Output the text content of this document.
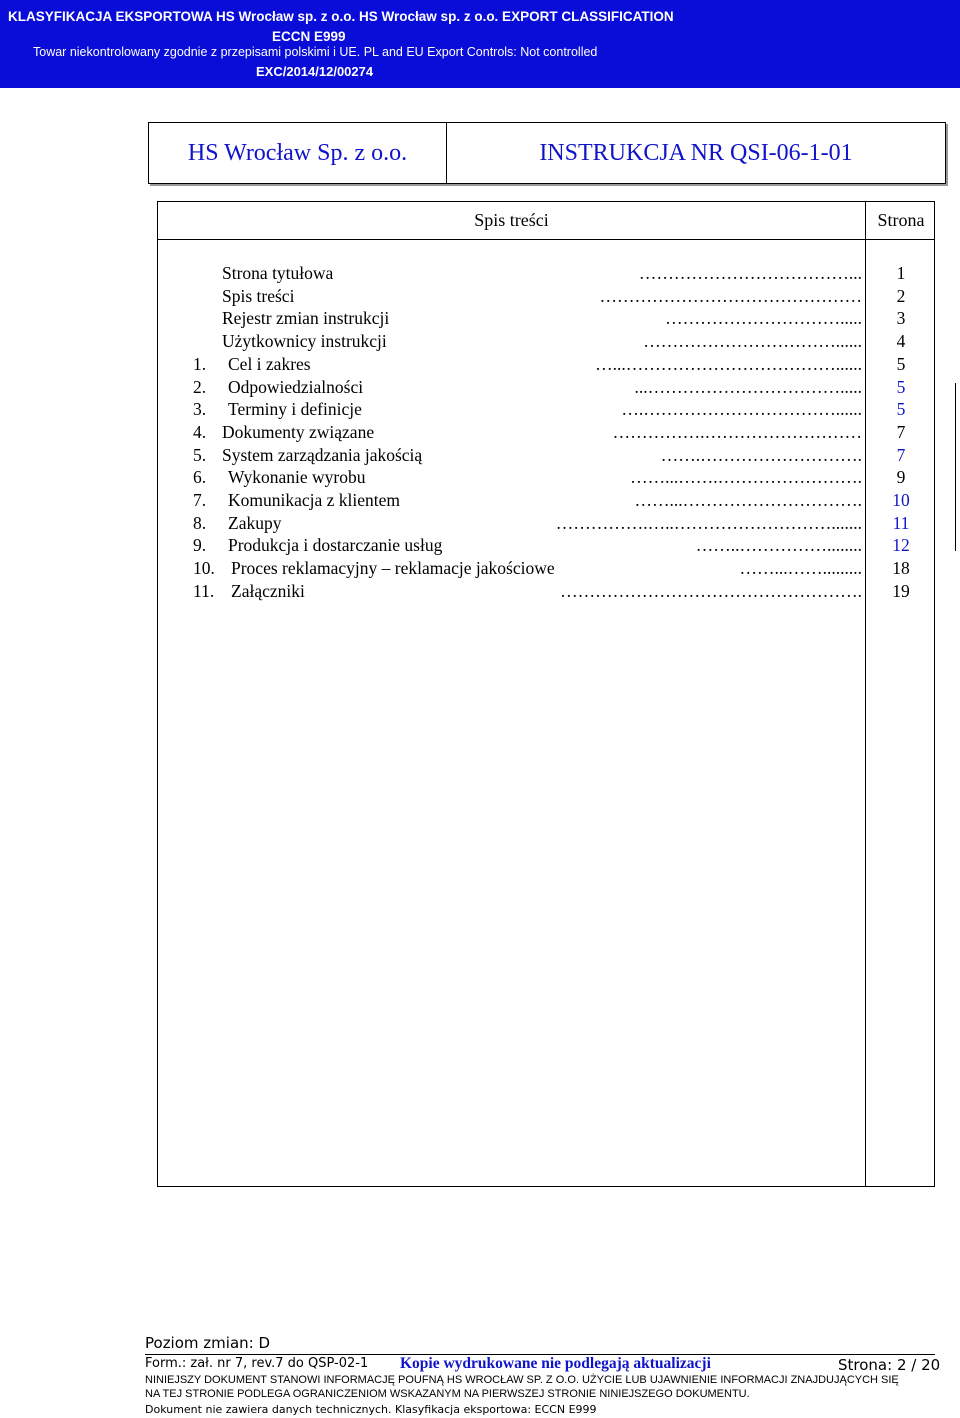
KLASYFIKACJA EKSPORTOWA HS Wrocław sp. z o.o. HS Wrocław sp. z o.o. EXPORT CLASSIFICATION
ECCN E999
Towar niekontrolowany zgodnie z przepisami polskimi i UE. PL and EU Export Controls: Not controlled
EXC/2014/12/00274
HS Wrocław Sp. z o.o.	INSTRUKCJA NR QSI-06-1-01
Spis treści	Strona
Strona tytułowa	………………………………...	1
Spis treści	………………………………………	2
Rejestr zmian instrukcji	………………………….....	3
Użytkownicy instrukcji	……………………………......	4
1.	Cel i zakres	…...………………………………......	5
2.	Odpowiedzialności	...…………………………….....	5
3.	Terminy i definicje	….……………………………......	5
4. Dokumenty związane	…………….………………………	7
5. System zarządzania jakością	…….……………………….	7
6.	Wykonanie wyrobu	……...…….…………………….	9
7.	Komunikacja z klientem	……...………………………….	10
8.	Zakupy	…………….…..……………………….......	11
9.	Produkcja i dostarczanie usług	……..……………........	12
10. Proces reklamacyjny – reklamacje jakościowe	……...…….........	18
11. Załączniki	…………………………………………….	19
Poziom zmian: D
Form.: zał. nr 7, rev.7 do QSP-02-1 Kopie wydrukowane nie podlegają aktualizacji	Strona: 2 / 20
NINIEJSZY DOKUMENT STANOWI INFORMACJĘ POUFNĄ HS WROCŁAW SP. Z O.O. UŻYCIE LUB UJAWNIENIE INFORMACJI ZNAJDUJĄCYCH SIĘ
NA TEJ STRONIE PODLEGA OGRANICZENIOM WSKAZANYM NA PIERWSZEJ STRONIE NINIEJSZEGO DOKUMENTU.
Dokument nie zawiera danych technicznych. Klasyfikacja eksportowa: ECCN E999
